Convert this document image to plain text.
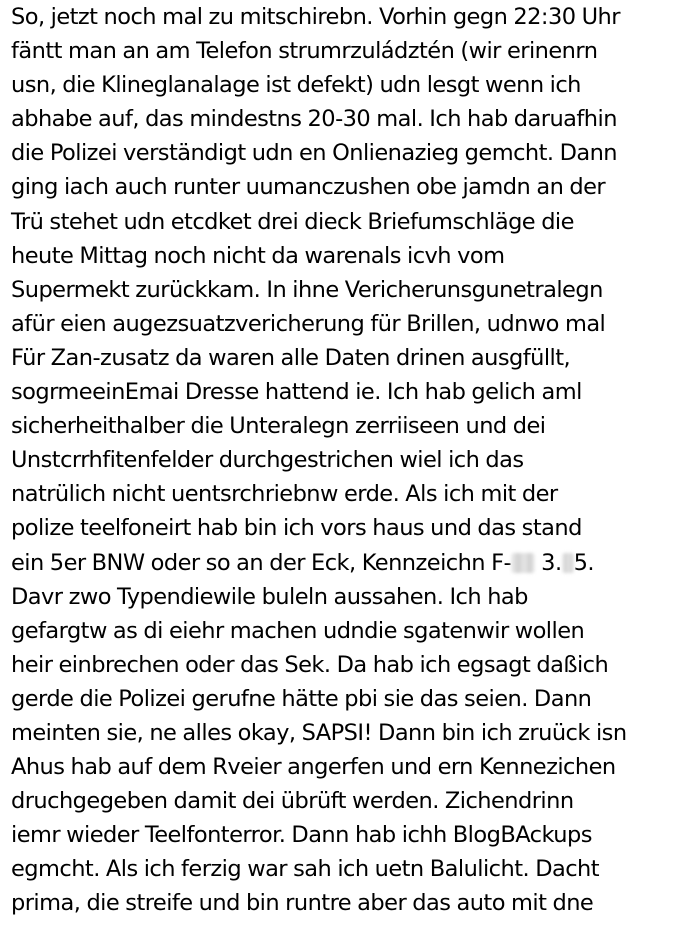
So, jetzt noch mal zu mitschirebn. Vorhin gegn 22:30 Uhr
fäntt man an am Telefon strumrzuládztén (wir erinenrn
usn, die Klineglanalage ist defekt) udn lesgt wenn ich
abhabe auf, das mindestns 20-30 mal. Ich hab daruafhin
die Polizei verständigt udn en Onlienazieg gemcht. Dann
ging iach auch runter uumanczushen obe jamdn an der
Trü stehet udn etcdket drei dieck Briefumschläge die
heute Mittag noch nicht da warenals icvh vom
Supermekt zurückkam. In ihne Vericherunsgunetralegn
afür eien augezsuatzvericherung für Brillen, udnwo mal
Für Zan-zusatz da waren alle Daten drinen ausgfüllt,
sogrmeeinEmai Dresse hattend ie. Ich hab gelich aml
sicherheithalber die Unteralegn zerriiseen und dei
Unstcrrhfitenfelder durchgestrichen wiel ich das
natrülich nicht uentsrchriebnw erde. Als ich mit der
polize teelfoneirt hab bin ich vors haus und das stand
ein 5er BNW oder so an der Eck, Kennzeichn F- 3. 5.
Davr zwo Typendiewile buleln aussahen. Ich hab
gefargtw as di eiehr machen udndie sgatenwir wollen
heir einbrechen oder das Sek. Da hab ich egsagt daßich
gerde die Polizei gerufne hätte pbi sie das seien. Dann
meinten sie, ne alles okay, SAPSI! Dann bin ich zruück isn
Ahus hab auf dem Rveier angerfen und ern Kennezichen
druchgegeben damit dei übrüft werden. Zichendrinn
iemr wieder Teelfonterror. Dann hab ichh BlogBAckups
egmcht. Als ich ferzig war sah ich uetn Balulicht. Dacht
prima, die streife und bin runtre aber das auto mit dne
